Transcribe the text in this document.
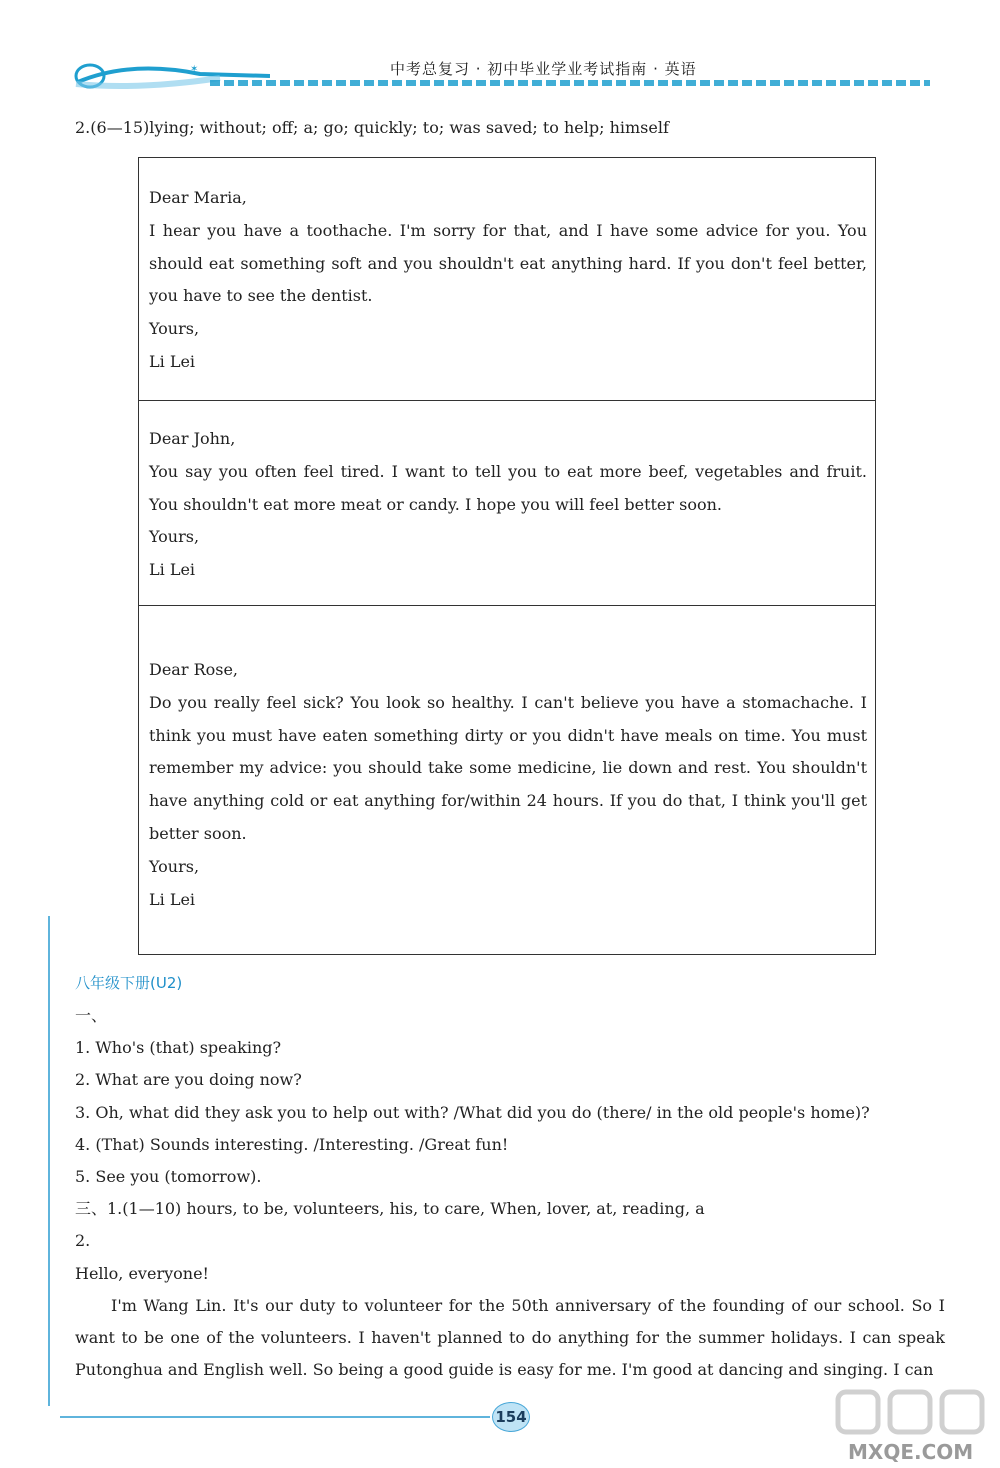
✶	中考总复习 · 初中毕业学业考试指南 · 英语
2.(6—15)lying; without; off; a; go; quickly; to; was saved; to help; himself

Dear Maria,

I hear you have a toothache. I'm sorry for that, and I have some advice for you. You should eat something soft and you shouldn't eat anything hard. If you don't feel better, you have to see the dentist.

Yours,

Li Lei

Dear John,

You say you often feel tired. I want to tell you to eat more beef, vegetables and fruit. You shouldn't eat more meat or candy. I hope you will feel better soon.

Yours,

Li Lei

Dear Rose,

Do you really feel sick? You look so healthy. I can't believe you have a stomachache. I think you must have eaten something dirty or you didn't have meals on time. You must remember my advice: you should take some medicine, lie down and rest. You shouldn't have anything cold or eat anything for/within 24 hours. If you do that, I think you'll get better soon.

Yours,

Li Lei

八年级下册(U2)

一、

1. Who's (that) speaking?

2. What are you doing now?

3. Oh, what did they ask you to help out with? /What did you do (there/ in the old people's home)?

4. (That) Sounds interesting. /Interesting. /Great fun!

5. See you (tomorrow).

三、1.(1—10) hours, to be, volunteers, his, to care, When, lover, at, reading, a

2.

Hello, everyone!

I'm Wang Lin. It's our duty to volunteer for the 50th anniversary of the founding of our school. So I want to be one of the volunteers. I haven't planned to do anything for the summer holidays. I can speak Putonghua and English well. So being a good guide is easy for me. I'm good at dancing and singing. I can

154
MXQE.COM
